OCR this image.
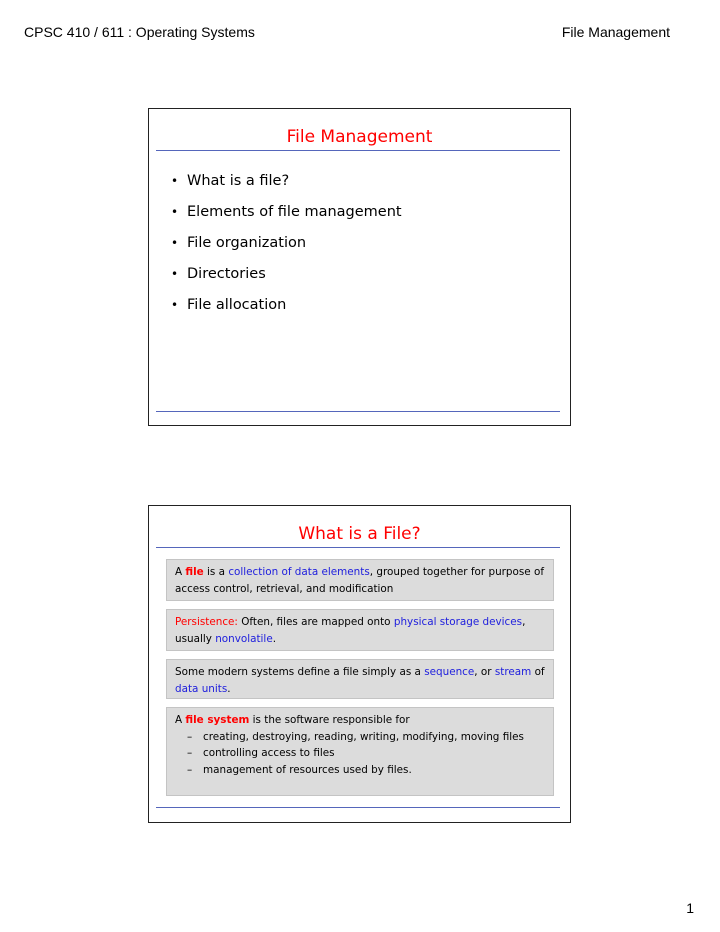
CPSC 410 / 611 : Operating Systems	File Management
File Management
• What is a file?
• Elements of file management
• File organization
• Directories
• File allocation
What is a File?
A file is a collection of data elements, grouped together for purpose of access control, retrieval, and modification
Persistence: Often, files are mapped onto physical storage devices, usually nonvolatile.
Some modern systems define a file simply as a sequence, or stream of data units.
A file system is the software responsible for
–	creating, destroying, reading, writing, modifying, moving files
–	controlling access to files
–	management of resources used by files.
1
